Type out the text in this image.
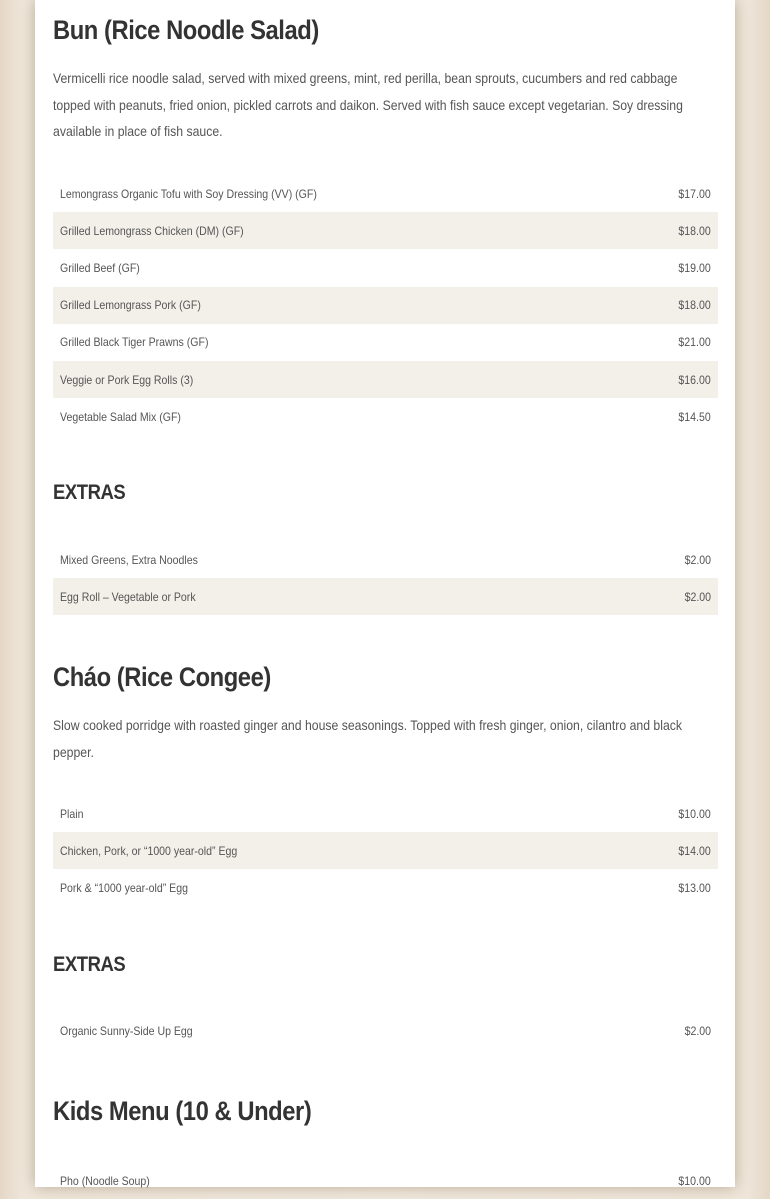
Bun (Rice Noodle Salad)

Vermicelli rice noodle salad, served with mixed greens, mint, red perilla, bean sprouts, cucumbers and red cabbage topped with peanuts, fried onion, pickled carrots and daikon. Served with fish sauce except vegetarian. Soy dressing available in place of fish sauce.

Lemongrass Organic Tofu with Soy Dressing (VV) (GF)	$17.00
Grilled Lemongrass Chicken (DM) (GF)	$18.00
Grilled Beef (GF)	$19.00
Grilled Lemongrass Pork (GF)	$18.00
Grilled Black Tiger Prawns (GF)	$21.00
Veggie or Pork Egg Rolls (3)	$16.00
Vegetable Salad Mix (GF)	$14.50
EXTRAS
Mixed Greens, Extra Noodles	$2.00
Egg Roll – Vegetable or Pork	$2.00
Cháo (Rice Congee)

Slow cooked porridge with roasted ginger and house seasonings. Topped with fresh ginger, onion, cilantro and black pepper.

Plain	$10.00
Chicken, Pork, or “1000 year-old” Egg	$14.00
Pork & “1000 year-old” Egg	$13.00
EXTRAS
Organic Sunny-Side Up Egg	$2.00
Kids Menu (10 & Under)
Pho (Noodle Soup)	$10.00
